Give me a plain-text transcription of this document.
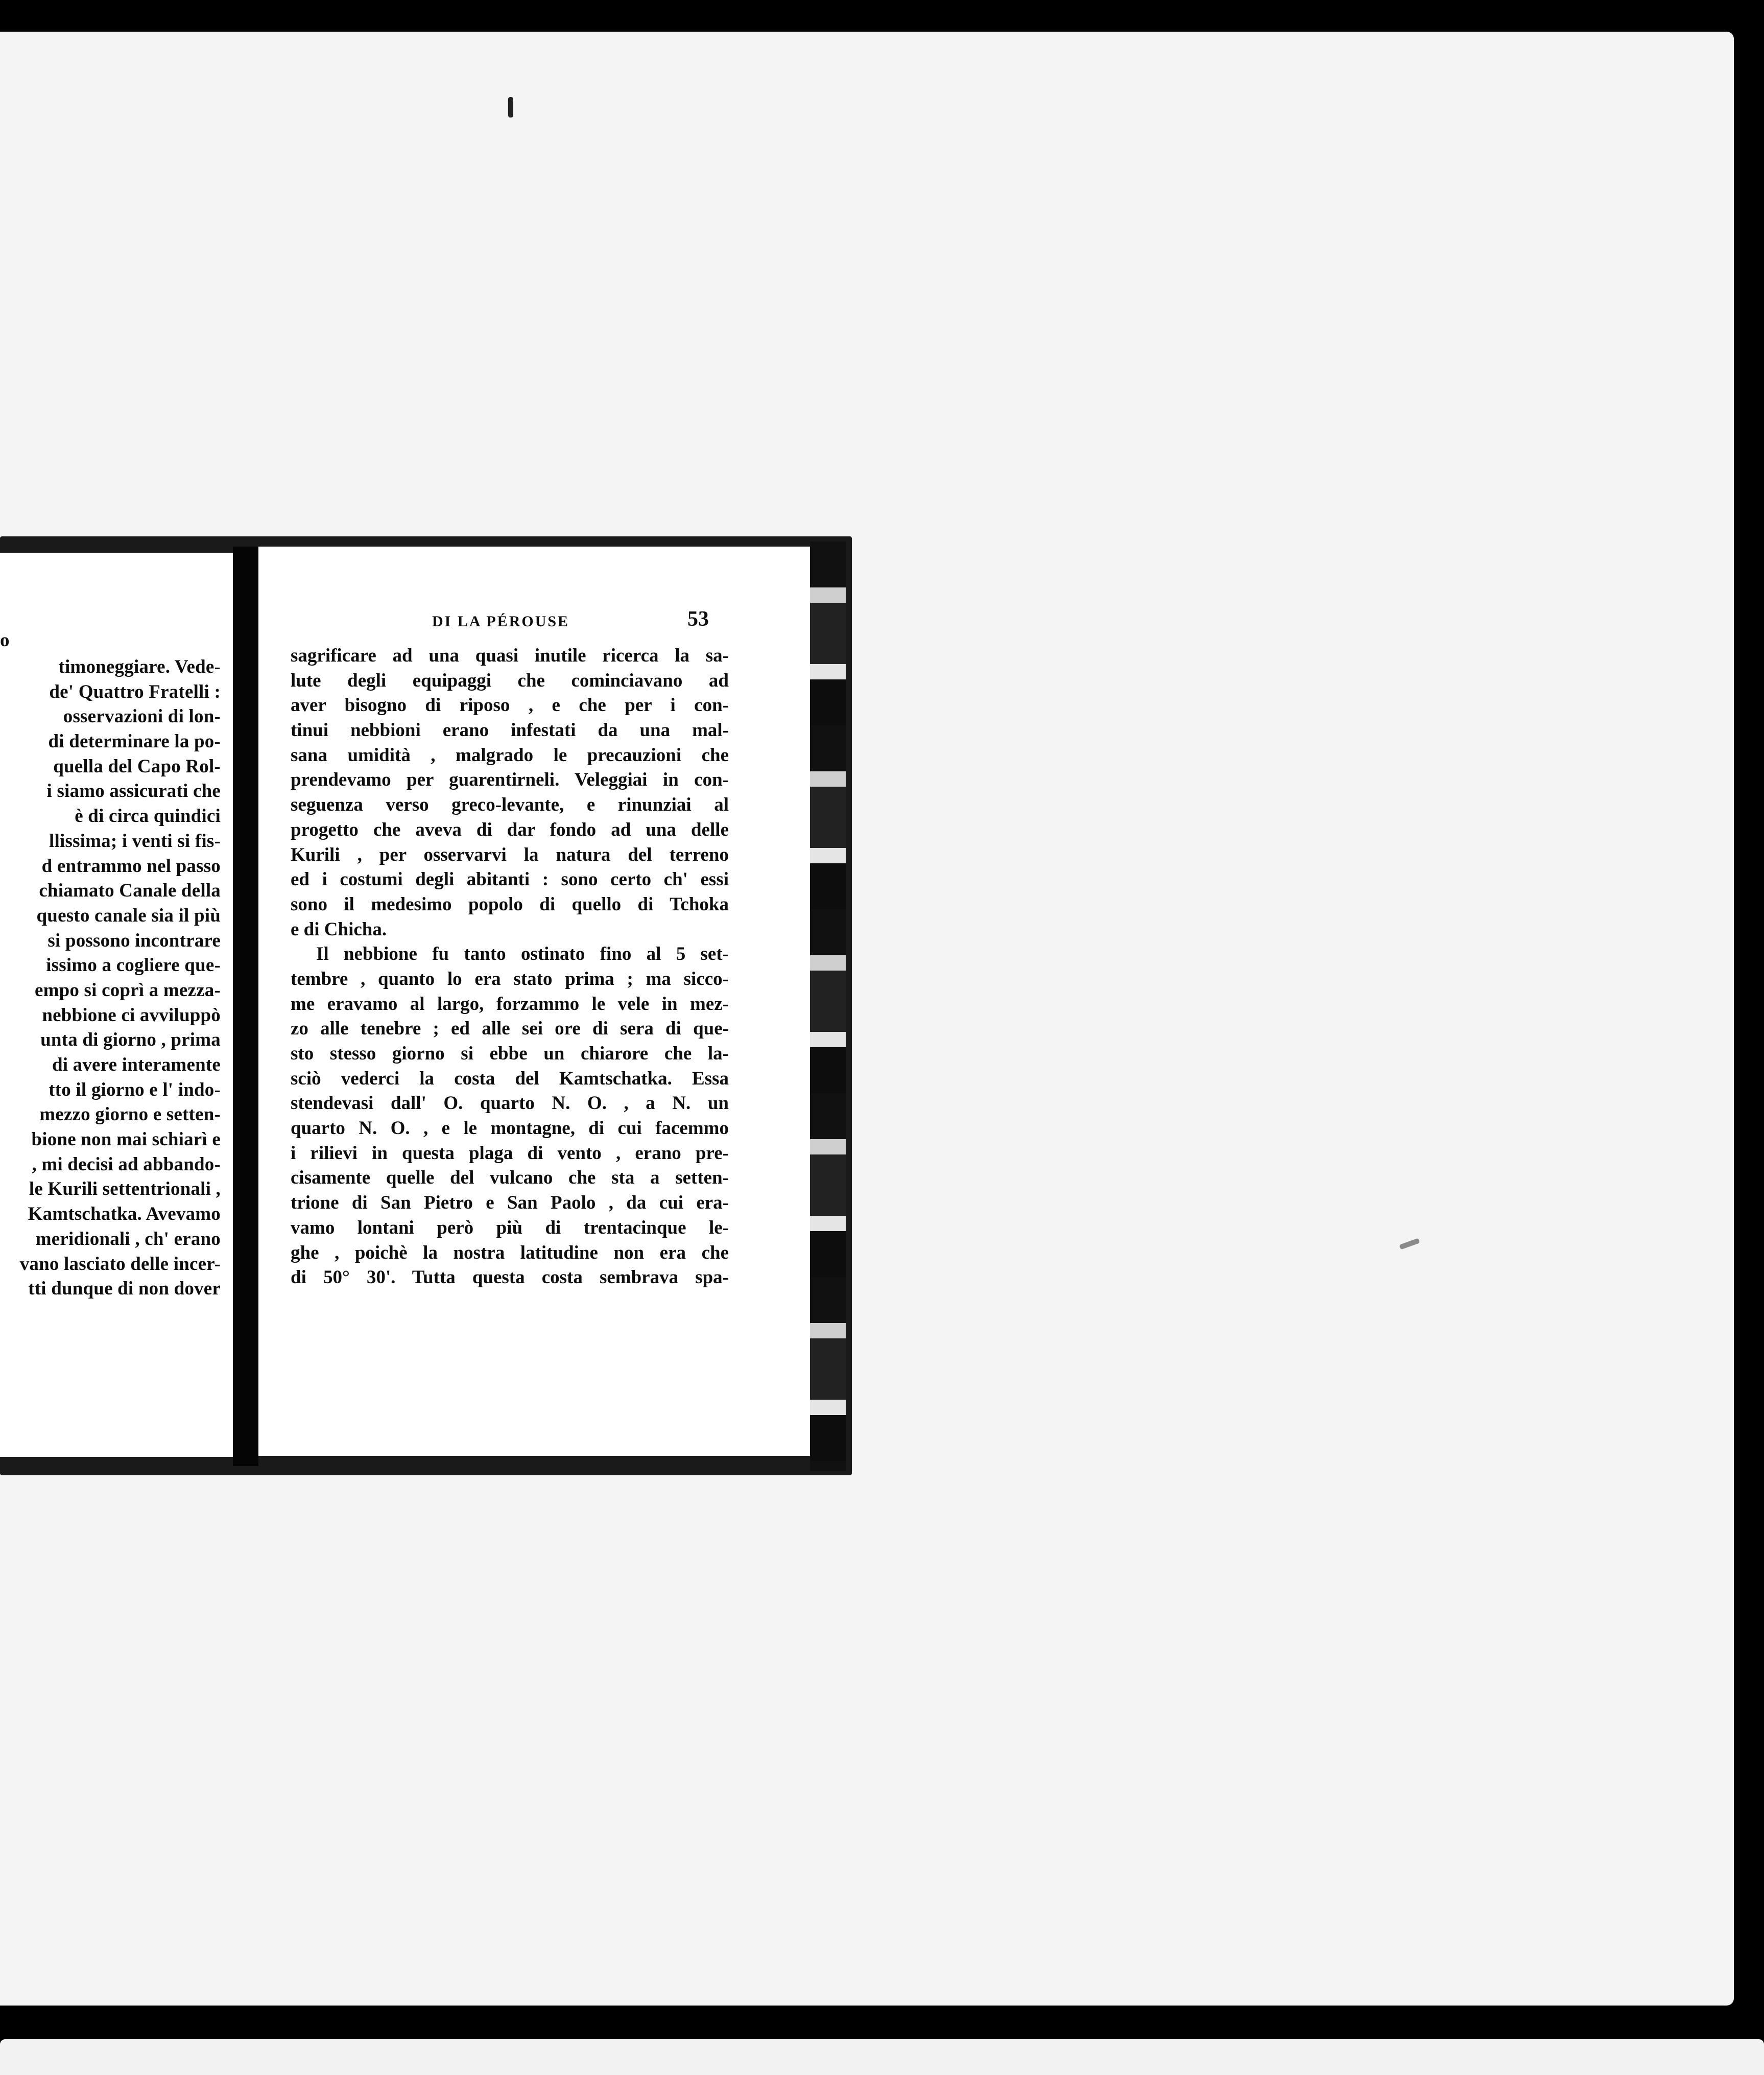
o
timoneggiare. Vede-
de' Quattro Fratelli :
osservazioni di lon-
di determinare la po-
quella del Capo Rol-
i siamo assicurati che
è di circa quindici
llissima; i venti si fis-
d entrammo nel passo
chiamato Canale della
questo canale sia il più
si possono incontrare
issimo a cogliere que-
empo si coprì a mezza-
nebbione ci avviluppò
unta di giorno , prima
di avere interamente
tto il giorno e l' indo-
mezzo giorno e setten-
bione non mai schiarì e
, mi decisi ad abbando-
le Kurili settentrionali ,
Kamtschatka. Avevamo
meridionali , ch' erano
vano lasciato delle incer-
tti dunque di non dover
DI LA PÉROUSE	53
sagrificare ad una quasi inutile ricerca la sa-
lute degli equipaggi che cominciavano ad
aver bisogno di riposo , e che per i con-
tinui nebbioni erano infestati da una mal-
sana umidità , malgrado le precauzioni che
prendevamo per guarentirneli. Veleggiai in con-
seguenza verso greco-levante, e rinunziai al
progetto che aveva di dar fondo ad una delle
Kurili , per osservarvi la natura del terreno
ed i costumi degli abitanti : sono certo ch' essi
sono il medesimo popolo di quello di Tchoka
e di Chicha.
Il nebbione fu tanto ostinato fino al 5 set-
tembre , quanto lo era stato prima ; ma sicco-
me eravamo al largo, forzammo le vele in mez-
zo alle tenebre ; ed alle sei ore di sera di que-
sto stesso giorno si ebbe un chiarore che la-
sciò vederci la costa del Kamtschatka. Essa
stendevasi dall' O. quarto N. O. , a N. un
quarto N. O. , e le montagne, di cui facemmo
i rilievi in questa plaga di vento , erano pre-
cisamente quelle del vulcano che sta a setten-
trione di San Pietro e San Paolo , da cui era-
vamo lontani però più di trentacinque le-
ghe , poichè la nostra latitudine non era che
di 50° 30'. Tutta questa costa sembrava spa-
